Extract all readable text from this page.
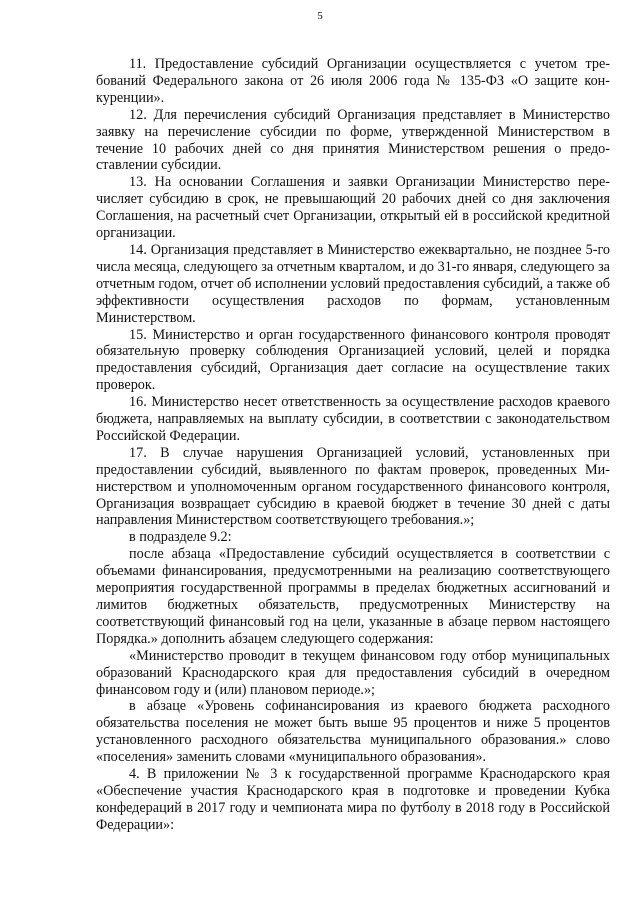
5

11. Предоставление субсидий Организации осуществляется с учетом требований Федерального закона от 26 июля 2006 года № 135-ФЗ «О защите конкуренции».

12. Для перечисления субсидий Организация представляет в Министерство заявку на перечисление субсидии по форме, утвержденной Министерством в течение 10 рабочих дней со дня принятия Министерством решения о предоставлении субсидии.

13. На основании Соглашения и заявки Организации Министерство перечисляет субсидию в срок, не превышающий 20 рабочих дней со дня заключения Соглашения, на расчетный счет Организации, открытый ей в российской кредитной организации.

14. Организация представляет в Министерство ежеквартально, не позднее 5-го числа месяца, следующего за отчетным кварталом, и до 31-го января, следующего за отчетным годом, отчет об исполнении условий предоставления субсидий, а также об эффективности осуществления расходов по формам, установленным Министерством.

15. Министерство и орган государственного финансового контроля проводят обязательную проверку соблюдения Организацией условий, целей и порядка предоставления субсидий, Организация дает согласие на осуществление таких проверок.

16. Министерство несет ответственность за осуществление расходов краевого бюджета, направляемых на выплату субсидии, в соответствии с законодательством Российской Федерации.

17. В случае нарушения Организацией условий, установленных при предоставлении субсидий, выявленного по фактам проверок, проведенных Министерством и уполномоченным органом государственного финансового контроля, Организация возвращает субсидию в краевой бюджет в течение 30 дней с даты направления Министерством соответствующего требования.»;

в подразделе 9.2:

после абзаца «Предоставление субсидий осуществляется в соответствии с объемами финансирования, предусмотренными на реализацию соответствующего мероприятия государственной программы в пределах бюджетных ассигнований и лимитов бюджетных обязательств, предусмотренных Министерству на соответствующий финансовый год на цели, указанные в абзаце первом настоящего Порядка.» дополнить абзацем следующего содержания:

«Министерство проводит в текущем финансовом году отбор муниципальных образований Краснодарского края для предоставления субсидий в очередном финансовом году и (или) плановом периоде.»;

в абзаце «Уровень софинансирования из краевого бюджета расходного обязательства поселения не может быть выше 95 процентов и ниже 5 процентов установленного расходного обязательства муниципального образования.» слово «поселения» заменить словами «муниципального образования».

4. В приложении № 3 к государственной программе Краснодарского края «Обеспечение участия Краснодарского края в подготовке и проведении Кубка конфедераций в 2017 году и чемпионата мира по футболу в 2018 году в Российской Федерации»:
